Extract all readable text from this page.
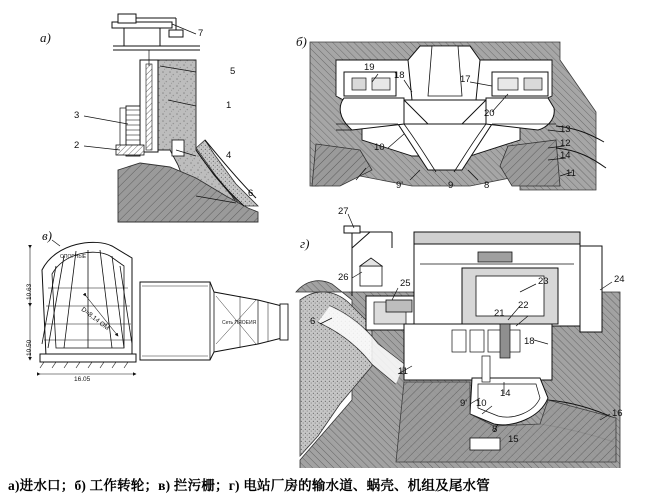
а)	б)
в)
г)
7
5
1
3
2
4
6
19
18	17
20
10
13
12
14
11
9'	9	8
10.63
10.50
16.05
D=8,14 ОМ
ОПОРНЫЕ
Сеть ПЯОЕИЯ
27
26
25	23	24
21
22
18
6
11
14
9' 10
8
15
16
а)进水口；б) 工作转轮；в) 拦污栅；г) 电站厂房的输水道、蜗壳、机组及尾水管
